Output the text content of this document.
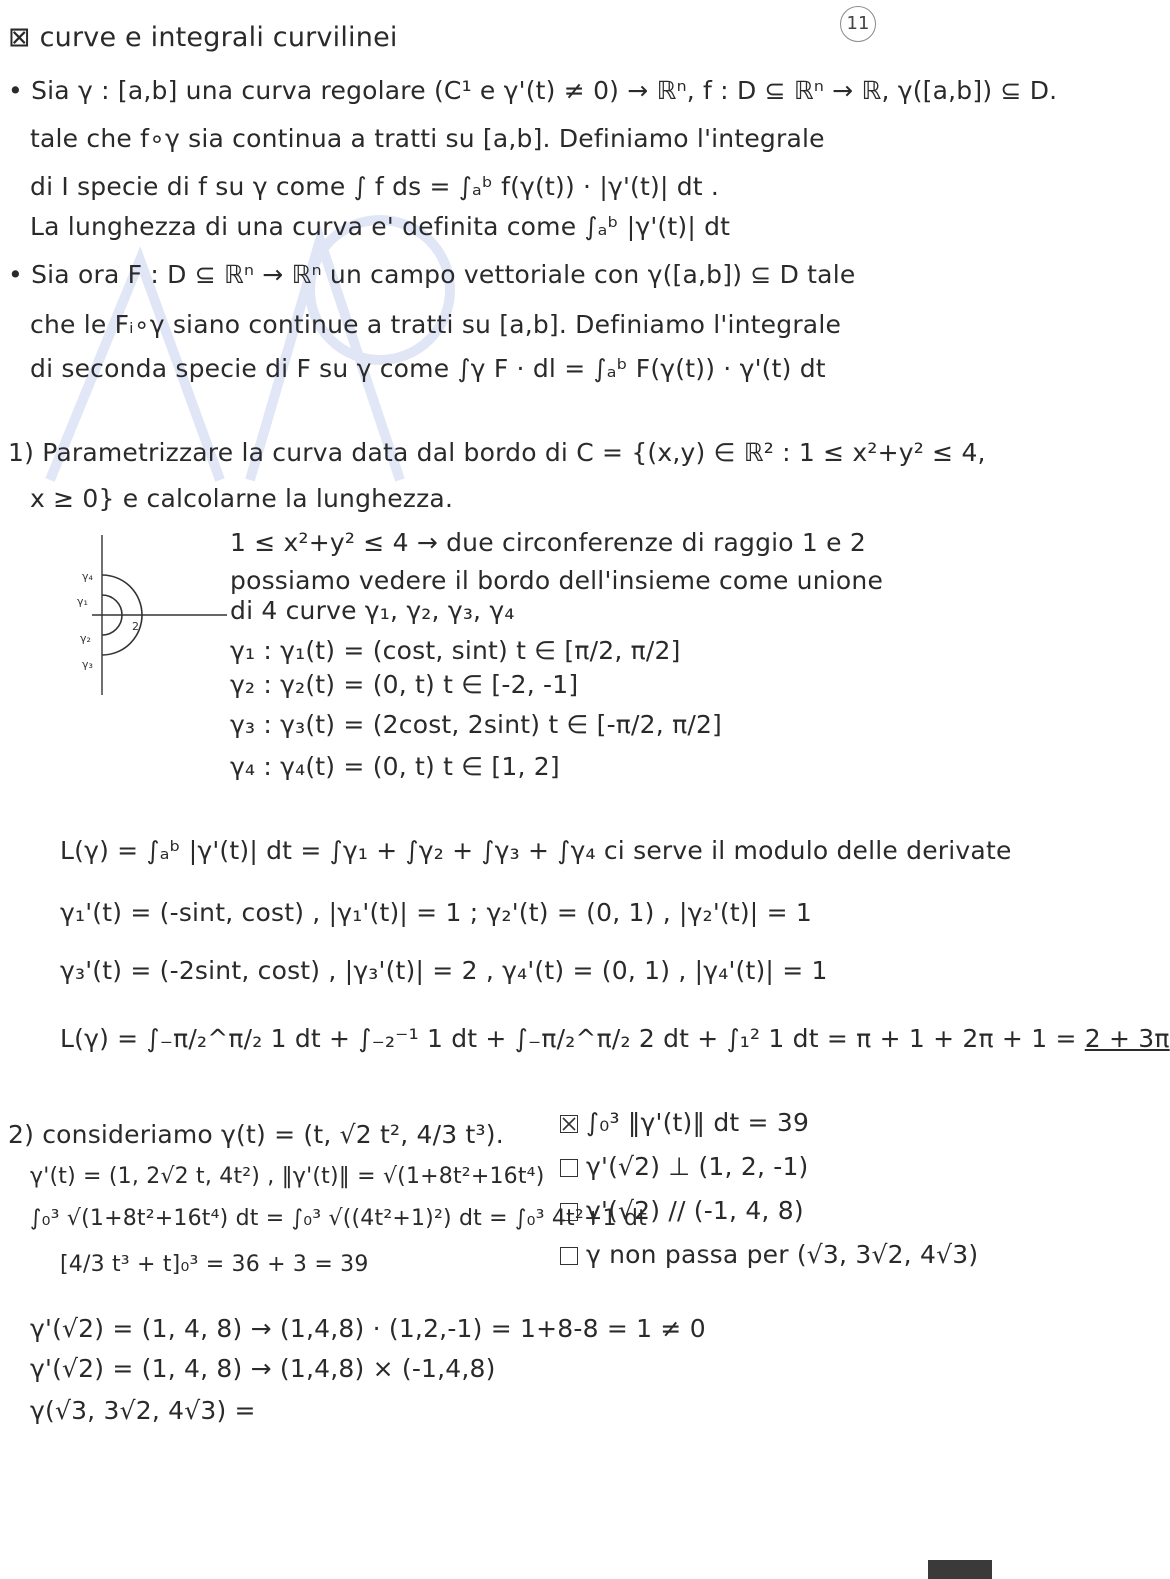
11
⊠ curve e integrali curvilinei
• Sia γ : [a,b] una curva regolare (C¹ e γ'(t) ≠ 0) → ℝⁿ, f : D ⊆ ℝⁿ → ℝ, γ([a,b]) ⊆ D.
tale che f∘γ sia continua a tratti su [a,b]. Definiamo l'integrale
di I specie di f su γ come ∫ f ds = ∫ₐᵇ f(γ(t)) · |γ'(t)| dt .
La lunghezza di una curva e' definita come ∫ₐᵇ |γ'(t)| dt
• Sia ora F : D ⊆ ℝⁿ → ℝⁿ un campo vettoriale con γ([a,b]) ⊆ D tale
che le Fᵢ∘γ siano continue a tratti su [a,b]. Definiamo l'integrale
di seconda specie di F su γ come ∫γ F · dl = ∫ₐᵇ F(γ(t)) · γ'(t) dt
1) Parametrizzare la curva data dal bordo di C = {(x,y) ∈ ℝ² : 1 ≤ x²+y² ≤ 4,
x ≥ 0} e calcolarne la lunghezza.
1 ≤ x²+y² ≤ 4 → due circonferenze di raggio 1 e 2
possiamo vedere il bordo dell'insieme come unione
di 4 curve γ₁, γ₂, γ₃, γ₄
γ₄
γ₁
γ₂
γ₃
2
γ₁ : γ₁(t) = (cost, sint) t ∈ [π/2, π/2]
γ₂ : γ₂(t) = (0, t) t ∈ [-2, -1]
γ₃ : γ₃(t) = (2cost, 2sint) t ∈ [-π/2, π/2]
γ₄ : γ₄(t) = (0, t) t ∈ [1, 2]
L(γ) = ∫ₐᵇ |γ'(t)| dt = ∫γ₁ + ∫γ₂ + ∫γ₃ + ∫γ₄ ci serve il modulo delle derivate
γ₁'(t) = (-sint, cost) , |γ₁'(t)| = 1 ; γ₂'(t) = (0, 1) , |γ₂'(t)| = 1
γ₃'(t) = (-2sint, cost) , |γ₃'(t)| = 2 , γ₄'(t) = (0, 1) , |γ₄'(t)| = 1
L(γ) = ∫₋π/₂^π/₂ 1 dt + ∫₋₂⁻¹ 1 dt + ∫₋π/₂^π/₂ 2 dt + ∫₁² 1 dt = π + 1 + 2π + 1 = 2 + 3π
2) consideriamo γ(t) = (t, √2 t², 4/3 t³).	∫₀³ ‖γ'(t)‖ dt = 39
γ'(√2) ⊥ (1, 2, -1)
γ'(√2) // (-1, 4, 8)
γ non passa per (√3, 3√2, 4√3)
γ'(t) = (1, 2√2 t, 4t²) , ‖γ'(t)‖ = √(1+8t²+16t⁴)
∫₀³ √(1+8t²+16t⁴) dt = ∫₀³ √((4t²+1)²) dt = ∫₀³ 4t²+1 dt
[4/3 t³ + t]₀³ = 36 + 3 = 39
γ'(√2) = (1, 4, 8) → (1,4,8) · (1,2,-1) = 1+8-8 = 1 ≠ 0
γ'(√2) = (1, 4, 8) → (1,4,8) ⨯ (-1,4,8)
γ(√3, 3√2, 4√3) =
